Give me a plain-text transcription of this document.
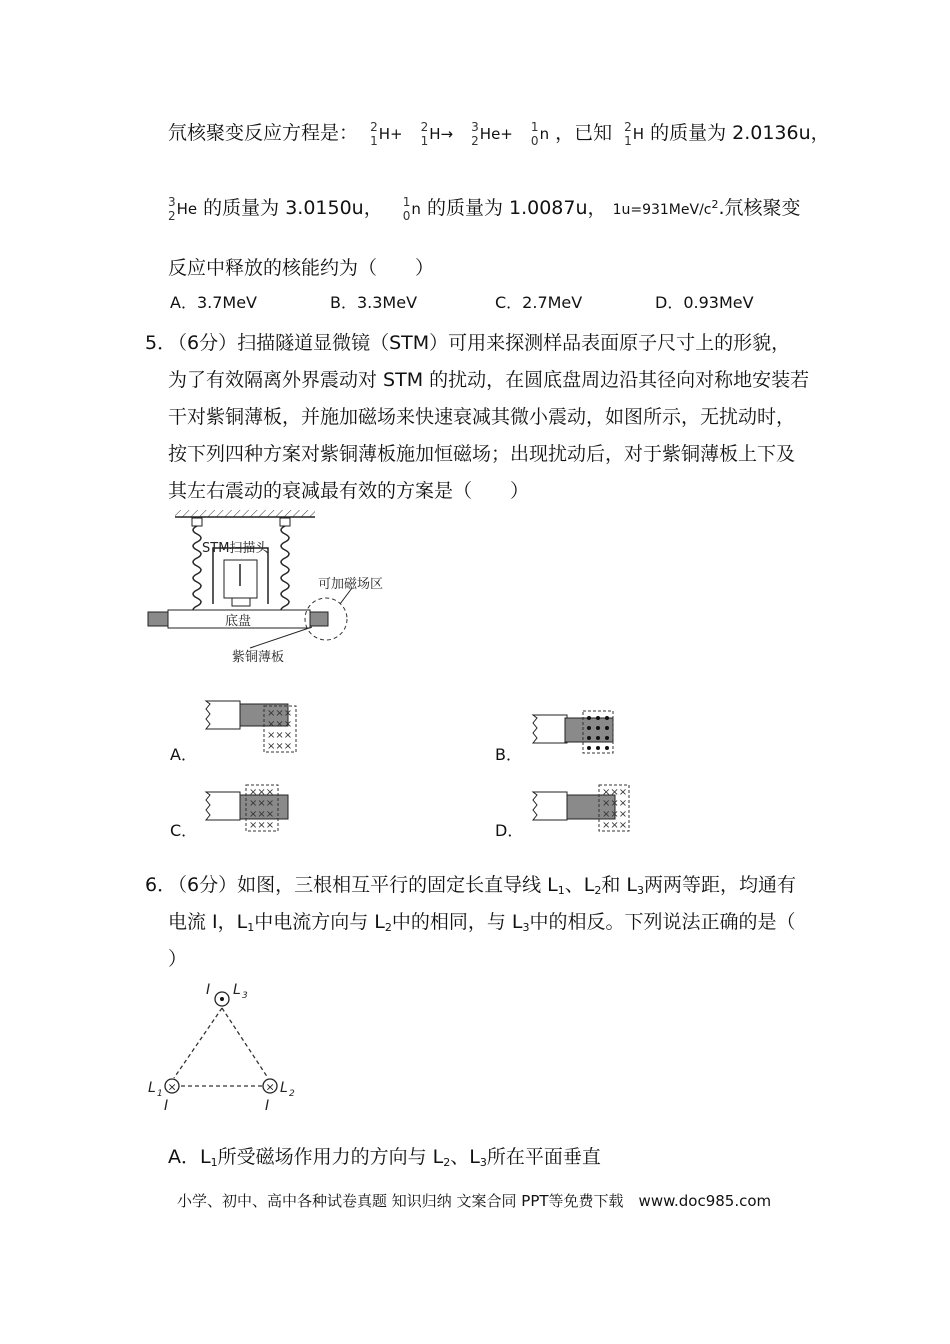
氘核聚变反应方程是： 2
1 H+ 2
1 H→ 3
2 He+ 1
0 n ，已知 2
1 H 的质量为 2.0136u，
3
2 He 的质量为 3.0150u， 1
0 n 的质量为 1.0087u， $1u=931MeV/c^2$.氘核聚变
反应中释放的核能约为（　　）
A．3.7MeV	B．3.3MeV	C．2.7MeV	D．0.93MeV
5．
（6分）扫描隧道显微镜（STM）可用来探测样品表面原子尺寸上的形貌，
为了有效隔离外界震动对 STM 的扰动，在圆底盘周边沿其径向对称地安装若
干对紫铜薄板，并施加磁场来快速衰减其微小震动，如图所示，无扰动时，
按下列四种方案对紫铜薄板施加恒磁场；出现扰动后，对于紫铜薄板上下及
其左右震动的衰减最有效的方案是（　　）
STM扫描头
可加磁场区
底盘
紫铜薄板
×××
×××
×××
×××
A．	B．
×××
×××
×××
×××
C．
×××
×××
×××
×××
D．
6．
（6分）如图，三根相互平行的固定长直导线 $L_1$、$L_2$和 $L_3$两两等距，均通有
电流 I，$L_1$中电流方向与 $L_2$中的相同，与 $L_3$中的相反。下列说法正确的是（
）
×	×
I L 3
L 1
I
L 2
I
A．$L_1$所受磁场作用力的方向与 $L_2$、$L_3$所在平面垂直
小学、初中、高中各种试卷真题 知识归纳 文案合同 PPT等免费下载　www.doc985.com
